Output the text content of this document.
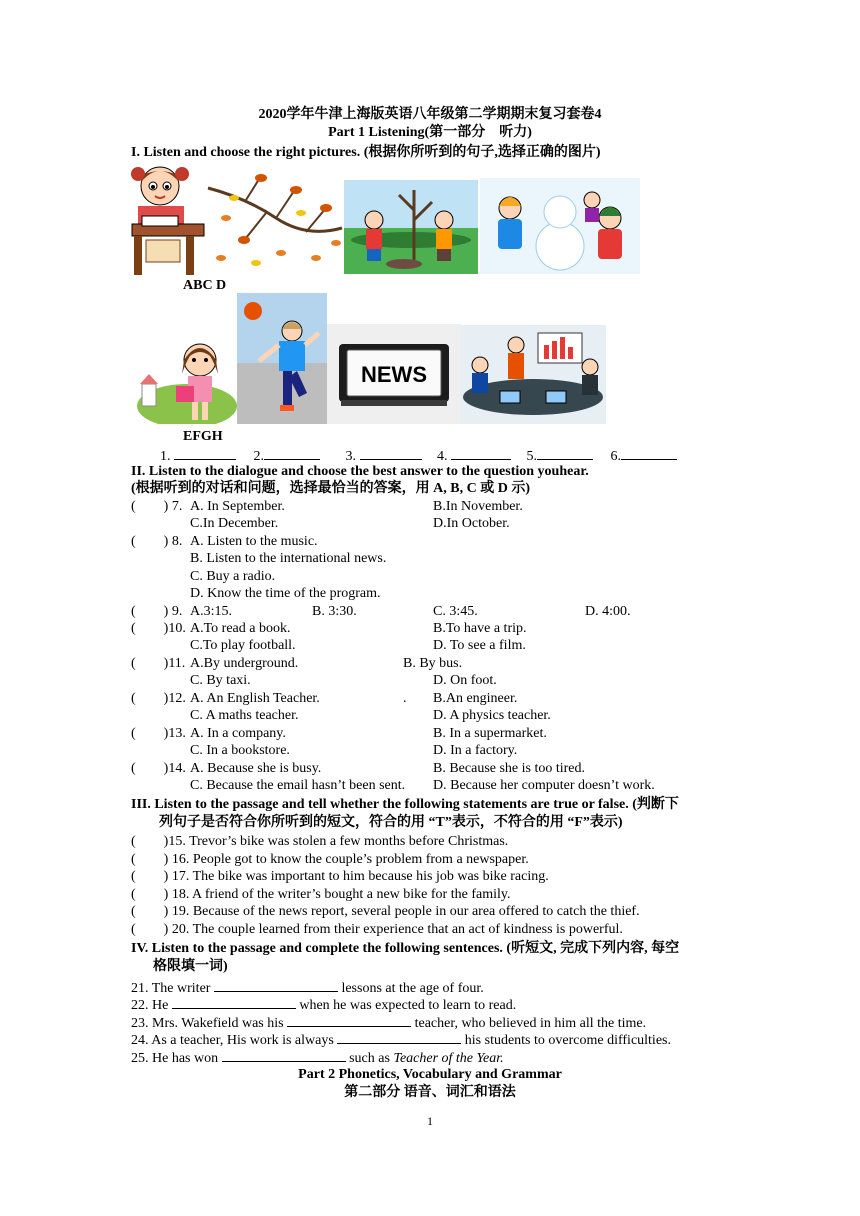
2020学年牛津上海版英语八年级第二学期期末复习套卷4
Part 1 Listening(第一部分　听力)
I. Listen and choose the right pictures. (根据你所听到的句子,选择正确的图片)
ABC D
NEWS
EFGH
1.	2.	3.	4.	5.	6.
II. Listen to the dialogue and choose the best answer to the question youhear.
(根据听到的对话和问题，选择最恰当的答案，用 A, B, C 或 D 示)
(　　) 7. A. In September.	B.In November.
C.In December.	D.In October.
(　　) 8. A. Listen to the music.
B. Listen to the international news.
C. Buy a radio.
D. Know the time of the program.
(　　) 9. A.3:15.	B. 3:30.	C. 3:45.	D. 4:00.
(　　)10. A.To read a book.	B.To have a trip.
C.To play football.	D. To see a film.
(　　)11. A.By underground.	B. By bus.
C. By taxi.	D. On foot.
(　　)12. A. An English Teacher.	. B.An engineer.
C. A maths teacher.	D. A physics teacher.
(　　)13. A. In a company.	B. In a supermarket.
C. In a bookstore.	D. In a factory.
(　　)14. A. Because she is busy.	B. Because she is too tired.
C. Because the email hasn’t been sent. D. Because her computer doesn’t work.
III. Listen to the passage and tell whether the following statements are true or false. (判断下
列句子是否符合你所听到的短文，符合的用 “T”表示，不符合的用 “F”表示)
(　　)15. Trevor’s bike was stolen a few months before Christmas.
(　　) 16. People got to know the couple’s problem from a newspaper.
(　　) 17. The bike was important to him because his job was bike racing.
(　　) 18. A friend of the writer’s bought a new bike for the family.
(　　) 19. Because of the news report, several people in our area offered to catch the thief.
(　　) 20. The couple learned from their experience that an act of kindness is powerful.
IV. Listen to the passage and complete the following sentences. (听短文, 完成下列内容, 每空
格限填一词)
21. The writer	lessons at the age of four.
22. He	when he was expected to learn to read.
23. Mrs. Wakefield was his	teacher, who believed in him all the time.
24. As a teacher, His work is always	his students to overcome difficulties.
25. He has won	such as Teacher of the Year.
Part 2 Phonetics, Vocabulary and Grammar
第二部分 语音、词汇和语法
1
